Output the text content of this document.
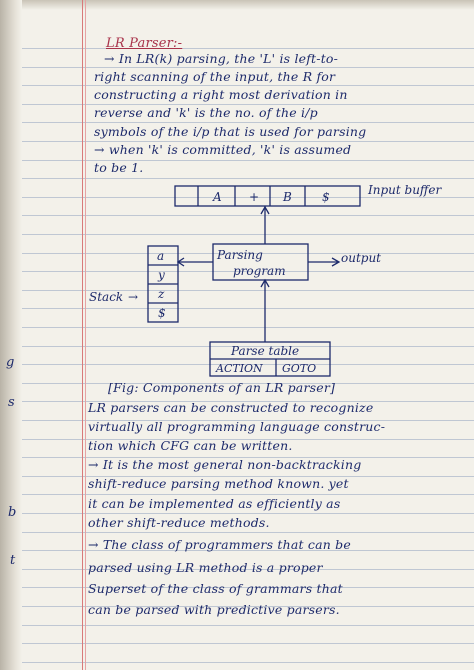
g
s
b
t
LR Parser:-
→ In LR(k) parsing, the 'L' is left-to-
right scanning of the input, the R for
constructing a right most derivation in
reverse and 'k' is the no. of the i/p
symbols of the i/p that is used for parsing
→ when 'k' is committed, 'k' is assumed
to be 1.
A + B	$	Input buffer
Parsing
program
output
a
y
z
$
Stack →
Parse table
ACTION GOTO
[Fig: Components of an LR parser]
LR parsers can be constructed to recognize
virtually all programming language construc-
tion which CFG can be written.
→ It is the most general non-backtracking
shift-reduce parsing method known. yet
it can be implemented as efficiently as
other shift-reduce methods.
→ The class of programmers that can be
parsed using LR method is a proper
Superset of the class of grammars that
can be parsed with predictive parsers.
